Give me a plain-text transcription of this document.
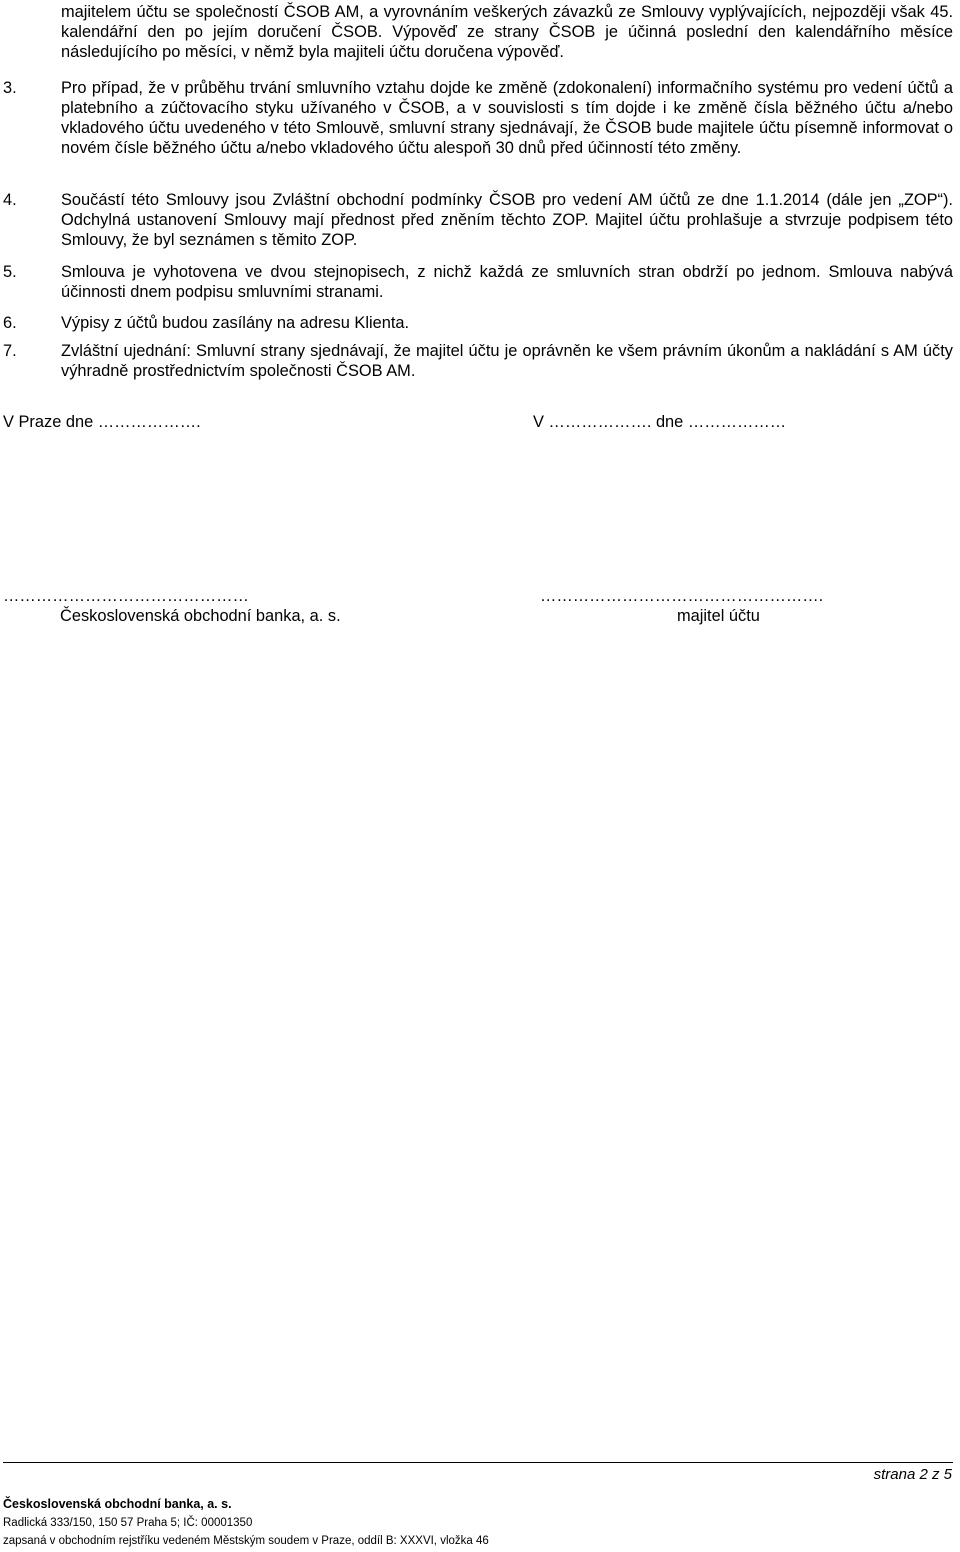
majitelem účtu se společností ČSOB AM, a vyrovnáním veškerých závazků ze Smlouvy vyplývajících, nejpozději však 45. kalendářní den po jejím doručení ČSOB. Výpověď ze strany ČSOB je účinná poslední den kalendářního měsíce následujícího po měsíci, v němž byla majiteli účtu doručena výpověď.
3.	Pro případ, že v průběhu trvání smluvního vztahu dojde ke změně (zdokonalení) informačního systému pro vedení účtů a platebního a zúčtovacího styku užívaného v ČSOB, a v souvislosti s tím dojde i ke změně čísla běžného účtu a/nebo vkladového účtu uvedeného v této Smlouvě, smluvní strany sjednávají, že ČSOB bude majitele účtu písemně informovat o novém čísle běžného účtu a/nebo vkladového účtu alespoň 30 dnů před účinností této změny.
4.	Součástí této Smlouvy jsou Zvláštní obchodní podmínky ČSOB pro vedení AM účtů ze dne 1.1.2014 (dále jen „ZOP“). Odchylná ustanovení Smlouvy mají přednost před zněním těchto ZOP. Majitel účtu prohlašuje a stvrzuje podpisem této Smlouvy, že byl seznámen s těmito ZOP.
5.	Smlouva je vyhotovena ve dvou stejnopisech, z nichž každá ze smluvních stran obdrží po jednom. Smlouva nabývá účinnosti dnem podpisu smluvními stranami.
6.	Výpisy z účtů budou zasílány na adresu Klienta.
7.	Zvláštní ujednání: Smluvní strany sjednávají, že majitel účtu je oprávněn ke všem právním úkonům a nakládání s AM účty výhradně prostřednictvím společnosti ČSOB AM.
V Praze dne ……………….	V ………………. dne ………………
………………………………………
Československá obchodní banka, a. s.
…………………………………………….
majitel účtu
strana 2 z 5
Československá obchodní banka, a. s.
Radlická 333/150, 150 57 Praha 5; IČ: 00001350
zapsaná v obchodním rejstříku vedeném Městským soudem v Praze, oddíl B: XXXVI, vložka 46
